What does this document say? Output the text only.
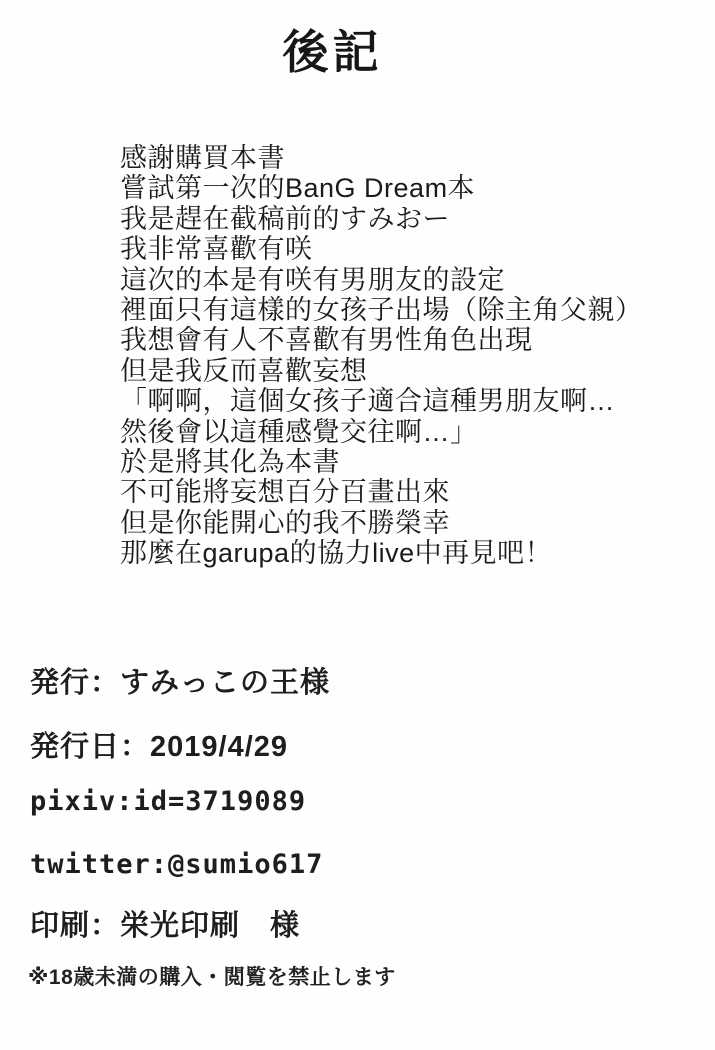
後記
感謝購買本書
嘗試第一次的BanG Dream本
我是趕在截稿前的すみおー
我非常喜歡有咲
這次的本是有咲有男朋友的設定
裡面只有這樣的女孩子出場（除主角父親）
我想會有人不喜歡有男性角色出現
但是我反而喜歡妄想
「啊啊，這個女孩子適合這種男朋友啊…
然後會以這種感覺交往啊…」
於是將其化為本書
不可能將妄想百分百畫出來
但是你能開心的我不勝榮幸
那麼在garupa的協力live中再見吧！
発行：すみっこの王様
発行日：2019/4/29
pixiv:id=3719089
twitter:@sumio617
印刷：栄光印刷　様
※18歳未満の購入・閲覧を禁止します
